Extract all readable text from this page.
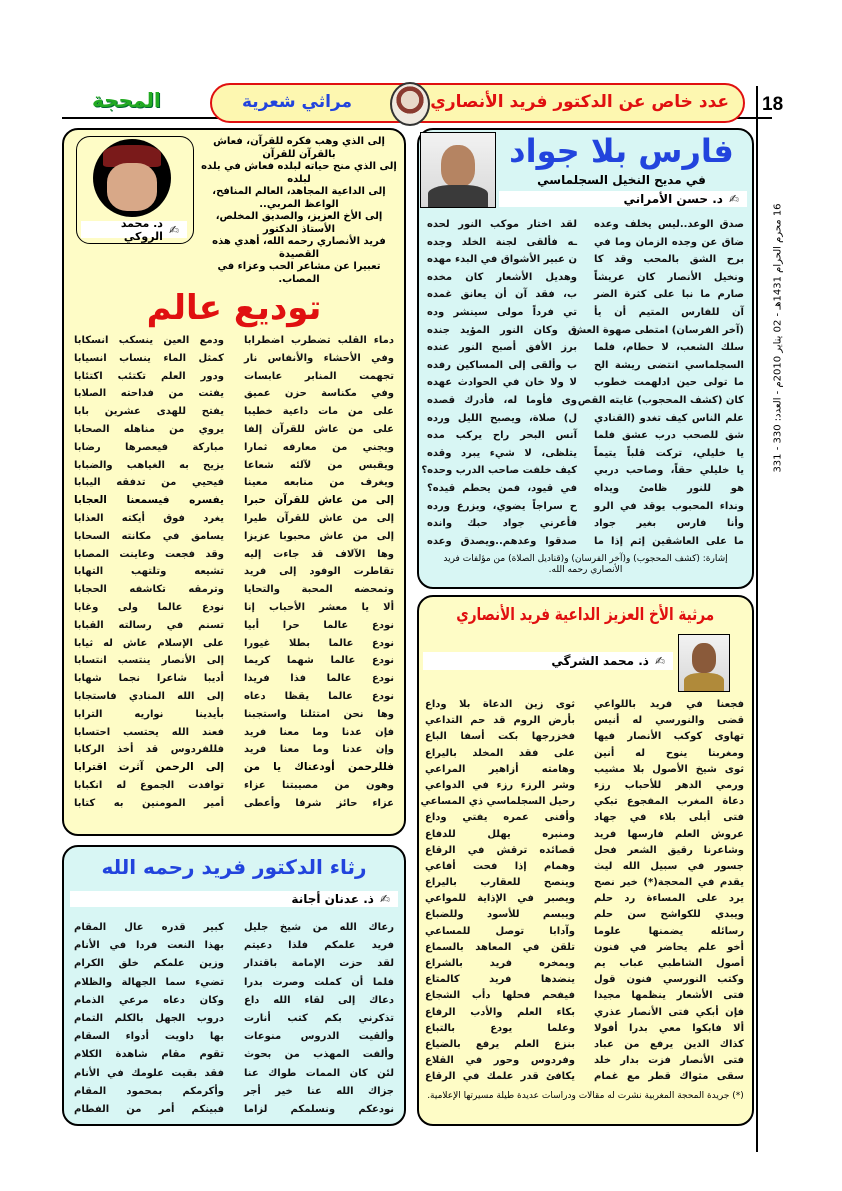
18
عدد خاص عن الدكتور فريد الأنصاري
مراثي شعرية
المحجة
16 محرم الحرام 1431هـ - 02 يناير 2010م - العدد: 330 - 331
فارس بلا جواد
في مديح النخيل السجلماسي
✍
د. حسن الأمراني
صدق الوعد..ليس يخلف وعده
لقد اختار موكب النور لحده
ضاق عن وجده الزمان وما في
ـه فألقى لجنة الخلد وجده
برح الشق بالمحب وقد كا
ن عبير الأشواق في البدء مهده
ونخيل الأنصار كان عريشاً
وهديل الأشعار كان مخده
صارم ما نبا على كثرة الضر
ب، فقد آن أن يعانق غمده
آن للفارس المتيم أن يأ
تي فرداً مولى سينشر وده
(آخر الفرسان) امتطى صهوة العش
ق وكان النور المؤيد جنده
سلك الشعب، لا حطام، فلما
برز الأفق أصبح النور عنده
السجلماسي انتضى ريشة الح
ب وألقى إلى المساكين رفده
ما تولى حين ادلهمت خطوب
لا ولا خان في الحوادث عهده
كان (كشف المحجوب) غايته القص
وى فأوما له، فأدرك قصده
علم الناس كيف تغدو (القنادي
ل) صلاة، ويصبح الليل ورده
شق للصحب درب عشق فلما
آنس البحر راح يركب مده
يا خليلي، تركت قلباً يتيماً
يتلظى، لا شيء يبرد وقده
يا خليلي حقاً، وصاحب دربي
كيف خلفت صاحب الدرب وحده؟
هو للنور ظامئ ويداه
في قيود، فمن يحطم قيده؟
ونداء المحبوب يوقد في الرو
ح سراجاً يضوي، ويزرع ورده
وأنا فارس بغير جواد
فأعرني جواد حبك وانده
ما على العاشقين إثم إذا ما
صدقوا وعدهم..ويصدق وعده
إشارة: (كشف المحجوب) و(آخر الفرسان) و(قناديل الصلاة) من مؤلفات فريد الأنصاري رحمه الله.
مرثية الأخ العزيز الداعية فريد الأنصاري
✍
ذ. محمد الشرگي
فجعنا في فريد باللواعي
ثوى زين الدعاة بلا وداع
قضى والنورسي له أنيس
بأرض الروم قد حم التداعي
تهاوى كوكب الأنصار فيها
فخزرجها بكت أسفا الباع
ومغربنا ينوح له أنين
على فقد المخلد باليراع
ثوى شيخ الأصول بلا مشيب
وهامته أزاهير المراعي
ورمي الدهر للأحباب رزء
وشر الرزء رزء في الدواعي
دعاة المغرب المفجوع تبكي
رحيل السجلماسي ذي المساعي
فتى أبلى بلاء في جهاد
وأفنى عمره يفتي وداع
عروش العلم فارسها فريد
ومنبره يهلل للدفاع
وشاعرنا رقيق الشعر فحل
قصائده ترقش في الرقاع
جسور في سبيل الله ليث
وهمام إذا فحت أفاعي
يقدم في المحجة(*) خير نصح
وينصح للعقارب باليراع
يرد على المساءة رد حلم
ويصبر في الإذاية للمواعي
ويبدي للكواشح سن حلم
ويبسم للأسود وللضباع
رسائله يضمنها علوما
وآدابا توصل للمساعي
أخو علم يحاضر في فنون
تلقن في المعاهد بالسماع
أصول الشاطبي عباب يم
ويمخره فريد بالشراع
وكتب النورسي فنون قول
ينضدها فريد كالمتاع
فتى الأشعار ينظمها مجيدا
فيفحم فحلها دأب الشجاع
فإن أبكي فتى الأنصار عذري
بكاء العلم والأدب الرفاع
ألا فابكوا معي بدرا أفولا
وعلما يودع بالتباع
كذاك الدين يرفع من عباد
بنزع العلم يرفع بالضياع
فتى الأنصار فزت بدار خلد
وفردوس وحور في القلاع
سقى مثواك قطر مع غمام
يكافئ قدر علمك في الرقاع
(*) جريدة المحجة المغربية نشرت له مقالات ودراسات عديدة طيلة مسيرتها الإعلامية.
✍
د. محمد الروكي
إلى الذي وهب فكره للقرآن، فعاش بالقرآن للقرآن
إلى الذي منح حياته لبلده فعاش في بلده لبلده
إلى الداعية المجاهد، العالم المنافح، الواعظ المربي..
إلى الأخ العزيز، والصديق المخلص، الأستاذ الدكتور
فريد الأنصاري رحمه الله، أهدي هذه القصيدة
تعبيرا عن مشاعر الحب وعزاء في المصاب.
توديع عالم
دماء القلب تضطرب اضطرابا
ودمع العين ينسكب انسكابا
وفي الأحشاء والأنفاس نار
كمثل الماء ينساب انسيابا
تجهمت المنابر عابسات
ودور العلم تكتئب اكتئابا
وفي مكناسة حزن عميق
يفتت من فداحته الصلابا
على من مات داعية خطيبا
يفتح للهدى عشرين بابا
على من عاش للقرآن إلفا
يروي من مناهله الصحابا
ويجني من معارفه ثمارا
مباركة فيعصرها رضابا
ويقبس من لآلئه شعاعا
يزيح به الغياهب والضبابا
ويغرف من منابعه معينا
فيحيي من تدفقه اليبابا
إلى من عاش للقرآن حبرا
يفسره فيسمعنا العجابا
إلى من عاش للقرآن طيرا
يغرد فوق أيكته العذابا
إلى من عاش محبوبا عزيزا
يسامق في مكانته السحابا
وها الآلاف قد جاءت إليه
وقد فجعت وعاينت المصابا
تقاطرت الوفود إلى فريد
تشيعه وتلتهب التهابا
وتمحضه المحبة والتحايا
وترمقه تكاشفه الحجابا
ألا يا معشر الأحباب إنا
نودع عالما ولى وغابا
نودع عالما حرا أبيا
تسنم في رسالته القبابا
نودع عالما بطلا غيورا
على الإسلام عاش له ثيابا
نودع عالما شهما كريما
إلى الأنصار ينتسب انتسابا
نودع عالما فذا فريدا
أديبا شاعرا نجما شهابا
نودع عالما يقظا دعاه
إلى الله المنادي فاستجابا
وها نحن امتثلنا واستجبنا
بأيدينا نواريه الترابا
فإن عدنا وما معنا فريد
فعند الله يحتسب احتسابا
وإن عدنا وما معنا فريد
فللفردوس قد أخذ الركابا
فللرحمن أودعناك يا من
إلى الرحمن آثرت اقترابا
وهون من مصيبتنا عزاء
توافدت الجموع له انكبابا
عزاء حائز شرفا وأعطى
أمير المومنين به كتابا
رثاء الدكتور فريد رحمه الله
ذ. عدنان أجانة ✍
رعاك الله من شيخ جليل
كبير قدره عال المقام
فريد علمكم فلذا دعيتم
بهذا النعت فردا في الأنام
لقد حزت الإمامة باقتدار
وزين علمكم خلق الكرام
فلما أن كملت وصرت بدرا
تضيء سما الجهالة والظلام
دعاك إلى لقاء الله داع
وكان دعاه مرعي الذمام
تذكرني بكم كتب أنارت
دروب الجهل بالكلم التمام
وألقيت الدروس منوعات
بها داويت أدواء السقام
وألفت المهذب من بحوث
تقوم مقام شاهدة الكلام
لئن كان الممات طواك عنا
فقد بقيت علومك في الأنام
جزاك الله عنا خير أجر
وأكرمكم بمحمود المقام
نودعكم ونسلمكم لزاما
فبينكم أمر من الفطام
